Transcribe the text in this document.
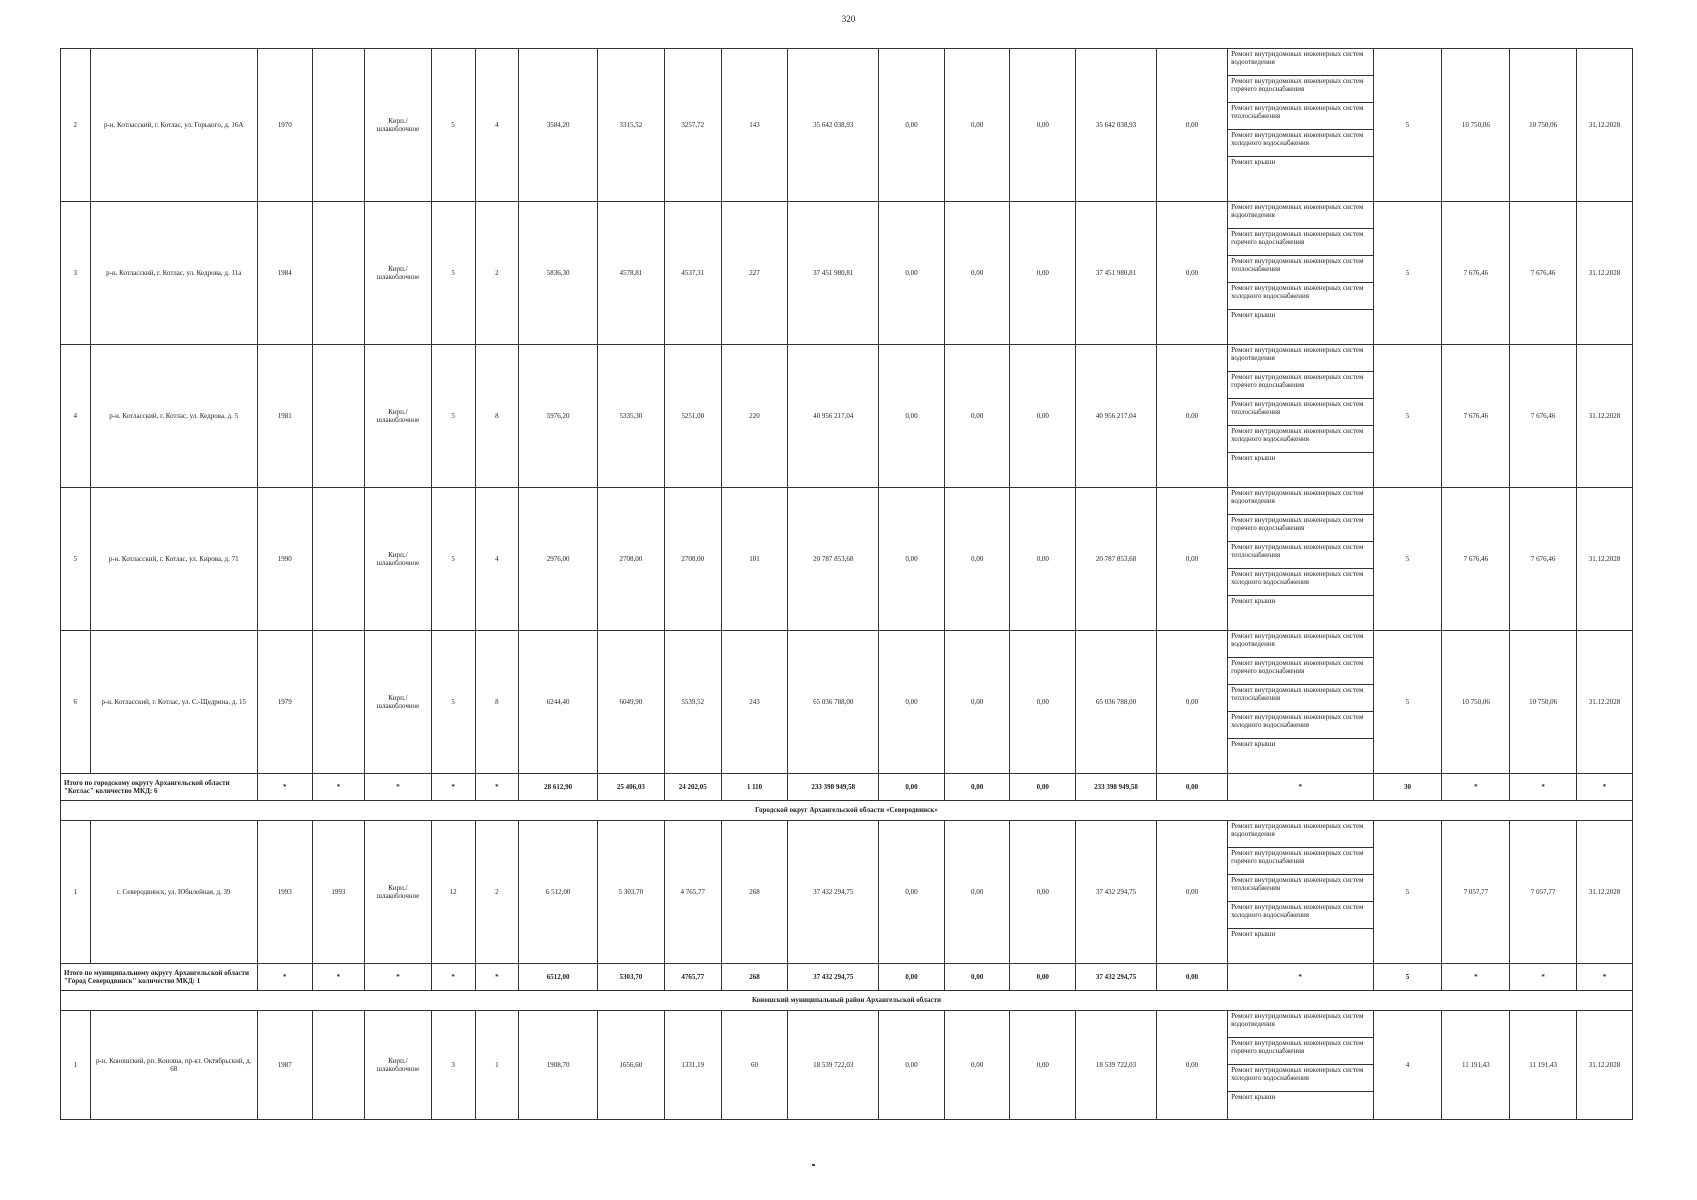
320
2	р-н. Котласский, г. Котлас, ул. Горького, д. 16А	1970		Кирп./ шлакоблочное	5	4	3584,20	3315,52	3257,72	143	35 642 038,93	0,00	0,00	0,00	35 642 038,93	0,00	Ремонт внутридомовых инженерных систем водоотведения
Ремонт внутридомовых инженерных систем горячего водоснабжения
Ремонт внутридомовых инженерных систем теплоснабжения
Ремонт внутридомовых инженерных систем холодного водоснабжения
Ремонт крыши	5	10 750,06	10 750,06	31.12.2028
3	р-н. Котласский, г. Котлас, ул. Кедрова, д. 11а	1984		Кирп./ шлакоблочное	5	2	5836,30	4578,81	4537,31	227	37 451 980,81	0,00	0,00	0,00	37 451 980,81	0,00	Ремонт внутридомовых инженерных систем водоотведения
Ремонт внутридомовых инженерных систем горячего водоснабжения
Ремонт внутридомовых инженерных систем теплоснабжения
Ремонт внутридомовых инженерных систем холодного водоснабжения
Ремонт крыши	5	7 676,46	7 676,46	31.12.2028
4	р-н. Котласский, г. Котлас, ул. Кедрова, д. 5	1981		Кирп./ шлакоблочное	5	8	5976,20	5335,30	5251,00	220	40 956 217,04	0,00	0,00	0,00	40 956 217,04	0,00	Ремонт внутридомовых инженерных систем водоотведения
Ремонт внутридомовых инженерных систем горячего водоснабжения
Ремонт внутридомовых инженерных систем теплоснабжения
Ремонт внутридомовых инженерных систем холодного водоснабжения
Ремонт крыши	5	7 676,46	7 676,46	31.12.2028
5	р-н. Котласский, г. Котлас, ул. Кирова, д. 71	1990		Кирп./ шлакоблочное	5	4	2976,00	2708,00	2708,00	101	20 787 853,68	0,00	0,00	0,00	20 787 853,68	0,00	Ремонт внутридомовых инженерных систем водоотведения
Ремонт внутридомовых инженерных систем горячего водоснабжения
Ремонт внутридомовых инженерных систем теплоснабжения
Ремонт внутридомовых инженерных систем холодного водоснабжения
Ремонт крыши	5	7 676,46	7 676,46	31.12.2028
6	р-н. Котласский, г. Котлас, ул. С.-Щедрина, д. 15	1979		Кирп./ шлакоблочное	5	8	6244,40	6049,90	5539,52	243	65 036 788,00	0,00	0,00	0,00	65 036 788,00	0,00	Ремонт внутридомовых инженерных систем водоотведения
Ремонт внутридомовых инженерных систем горячего водоснабжения
Ремонт внутридомовых инженерных систем теплоснабжения
Ремонт внутридомовых инженерных систем холодного водоснабжения
Ремонт крыши	5	10 750,06	10 750,06	31.12.2028
Итого по городскому округу Архангельской области "Котлас" количество МКД: 6		*	*	*	*	*	28 612,90	25 406,03	24 202,05	1 110	233 398 949,58	0,00	0,00	0,00	233 398 949,58	0,00	*	30	*	*	*
Городской округ Архангельской области «Северодвинск»																					
1	г. Северодвинск, ул. Юбилейная, д. 39	1993	1993	Кирп./ шлакоблочное	12	2	6 512,00	5 303,70	4 765,77	268	37 432 294,75	0,00	0,00	0,00	37 432 294,75	0,00	Ремонт внутридомовых инженерных систем водоотведения
Ремонт внутридомовых инженерных систем горячего водоснабжения
Ремонт внутридомовых инженерных систем теплоснабжения
Ремонт внутридомовых инженерных систем холодного водоснабжения
Ремонт крыши	5	7 057,77	7 057,77	31.12.2028
Итого по муниципальному округу Архангельской области "Город Северодвинск" количество МКД: 1		*	*	*	*	*	6512,00	5303,70	4765,77	268	37 432 294,75	0,00	0,00	0,00	37 432 294,75	0,00	*	5	*	*	*
Коношский муниципальный район Архангельской области																					
1	р-н. Коношский, рп. Коноша, пр-кт. Октябрьский, д. 68	1987		Кирп./ шлакоблочное	3	1	1908,70	1656,60	1331,19	60	18 539 722,03	0,00	0,00	0,00	18 539 722,03	0,00	Ремонт внутридомовых инженерных систем водоотведения
Ремонт внутридомовых инженерных систем горячего водоснабжения
Ремонт внутридомовых инженерных систем холодного водоснабжения
Ремонт крыши	4	11 191,43	11 191,43	31.12.2028
